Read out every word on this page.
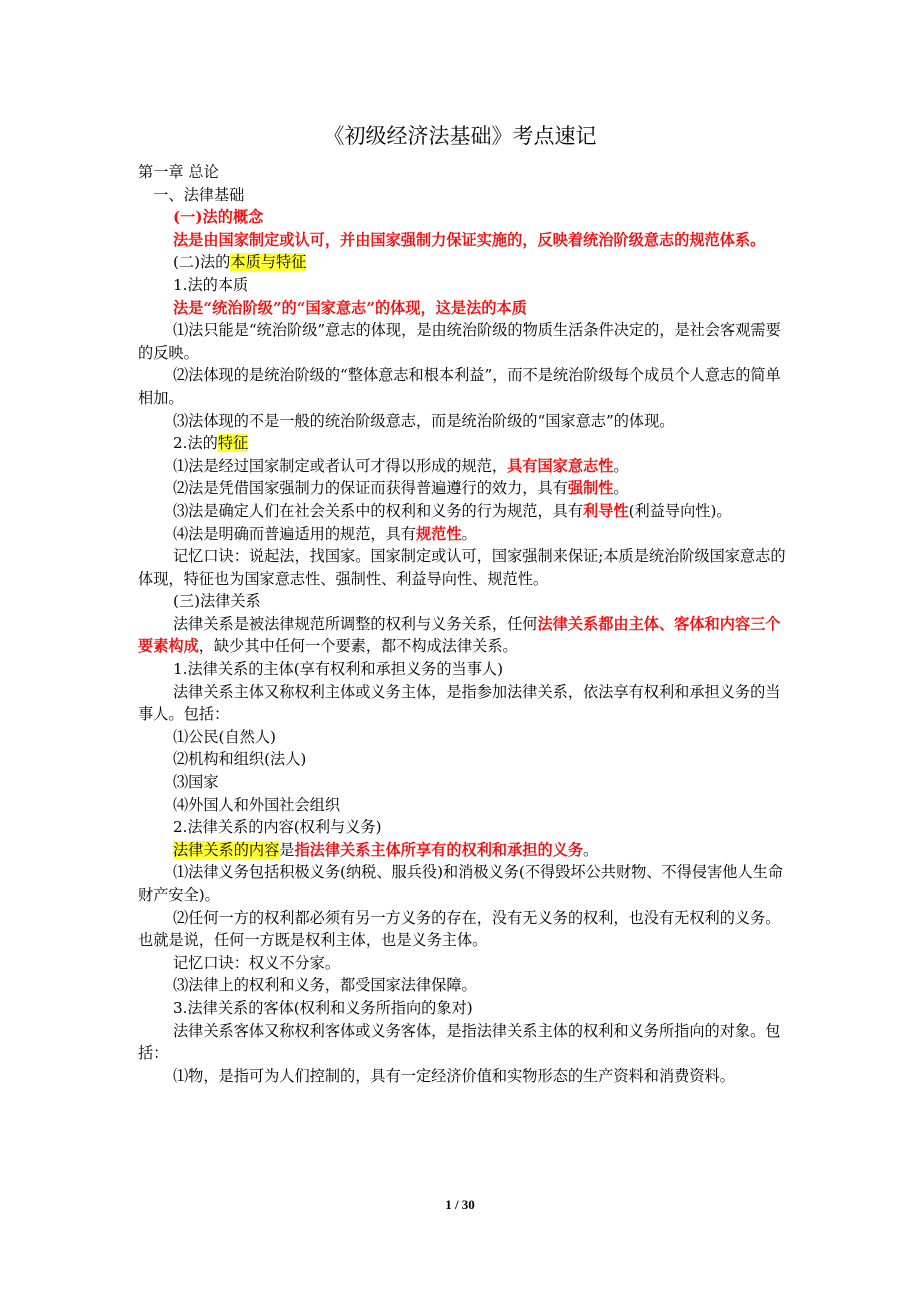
《初级经济法基础》考点速记

第一章 总论

一、法律基础

(一)法的概念

法是由国家制定或认可，并由国家强制力保证实施的，反映着统治阶级意志的规范体系。

(二)法的本质与特征

1.法的本质

法是“统治阶级”的“国家意志”的体现，这是法的本质

⑴法只能是“统治阶级”意志的体现，是由统治阶级的物质生活条件决定的，是社会客观需要的反映。

⑵法体现的是统治阶级的“整体意志和根本利益”，而不是统治阶级每个成员个人意志的简单相加。

⑶法体现的不是一般的统治阶级意志，而是统治阶级的“国家意志”的体现。

2.法的特征

⑴法是经过国家制定或者认可才得以形成的规范，具有国家意志性。

⑵法是凭借国家强制力的保证而获得普遍遵行的效力，具有强制性。

⑶法是确定人们在社会关系中的权利和义务的行为规范，具有利导性(利益导向性)。

⑷法是明确而普遍适用的规范，具有规范性。

记忆口诀：说起法，找国家。国家制定或认可，国家强制来保证;本质是统治阶级国家意志的体现，特征也为国家意志性、强制性、利益导向性、规范性。

(三)法律关系

法律关系是被法律规范所调整的权利与义务关系，任何法律关系都由主体、客体和内容三个要素构成，缺少其中任何一个要素，都不构成法律关系。

1.法律关系的主体(享有权利和承担义务的当事人)

法律关系主体又称权利主体或义务主体，是指参加法律关系，依法享有权利和承担义务的当事人。包括：

⑴公民(自然人)

⑵机构和组织(法人)

⑶国家

⑷外国人和外国社会组织

2.法律关系的内容(权利与义务)

法律关系的内容是指法律关系主体所享有的权利和承担的义务。

⑴法律义务包括积极义务(纳税、服兵役)和消极义务(不得毁坏公共财物、不得侵害他人生命财产安全)。

⑵任何一方的权利都必须有另一方义务的存在，没有无义务的权利，也没有无权利的义务。也就是说，任何一方既是权利主体，也是义务主体。

记忆口诀：权义不分家。

⑶法律上的权利和义务，都受国家法律保障。

3.法律关系的客体(权利和义务所指向的象对)

法律关系客体又称权利客体或义务客体，是指法律关系主体的权利和义务所指向的对象。包括：

⑴物，是指可为人们控制的，具有一定经济价值和实物形态的生产资料和消费资料。

1 / 30
